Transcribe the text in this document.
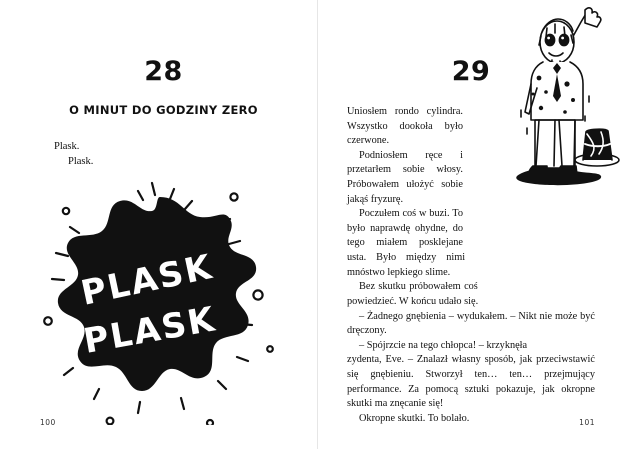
28
O MINUT DO GODZINY ZERO
Plask.
Plask.
PLASK
PLASK
100
29

Uniosłem rondo cylindra. Wszystko dookoła było czerwone.

Podniosłem ręce i przetarłem sobie włosy. Próbowałem ułożyć sobie jakąś fryzurę.

Poczułem coś w buzi. To było naprawdę ohydne, do tego miałem posklejane usta. Było między nimi mnóstwo lepkiego slime.

Bez skutku próbowałem coś powiedzieć. W końcu udało się.

– Żadnego gnębienia – wydukałem. – Nikt nie może być dręczony.

– Spójrzcie na tego chłopca! – krzyknęła

zydenta, Eve. – Znalazł własny sposób, jak przeciwstawić się gnębieniu. Stworzył ten… ten… przejmujący performance. Za pomocą sztuki pokazuje, jak okropne skutki ma znęcanie się!

Okropne skutki. To bolało.	101
